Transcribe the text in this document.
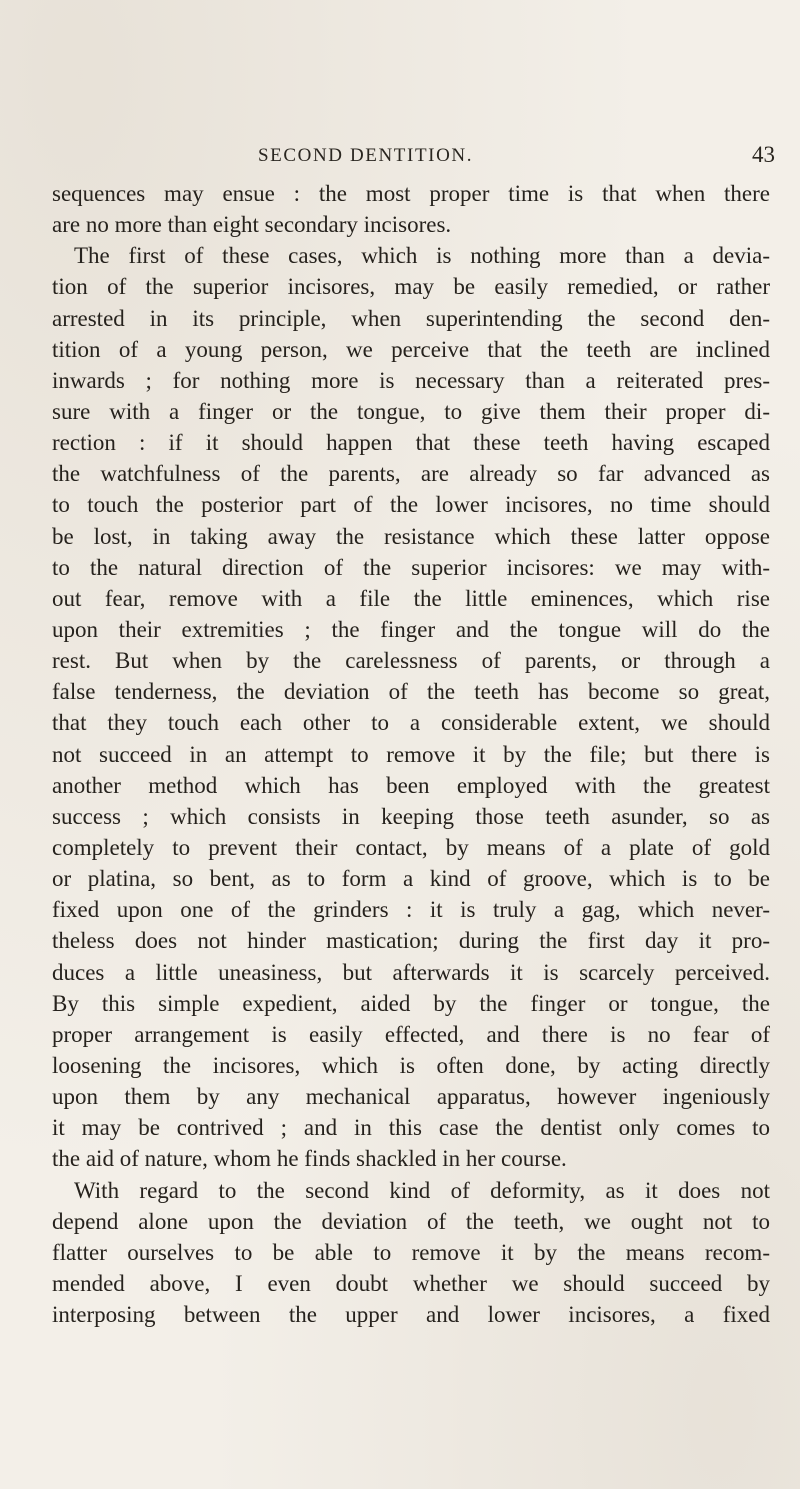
SECOND DENTITION.	43
sequences may ensue : the most proper time is that when there
are no more than eight secondary incisores.
The first of these cases, which is nothing more than a devia-
tion of the superior incisores, may be easily remedied, or rather
arrested in its principle, when superintending the second den-
tition of a young person, we perceive that the teeth are inclined
inwards ; for nothing more is necessary than a reiterated pres-
sure with a finger or the tongue, to give them their proper di-
rection : if it should happen that these teeth having escaped
the watchfulness of the parents, are already so far advanced as
to touch the posterior part of the lower incisores, no time should
be lost, in taking away the resistance which these latter oppose
to the natural direction of the superior incisores: we may with-
out fear, remove with a file the little eminences, which rise
upon their extremities ; the finger and the tongue will do the
rest. But when by the carelessness of parents, or through a
false tenderness, the deviation of the teeth has become so great,
that they touch each other to a considerable extent, we should
not succeed in an attempt to remove it by the file; but there is
another method which has been employed with the greatest
success ; which consists in keeping those teeth asunder, so as
completely to prevent their contact, by means of a plate of gold
or platina, so bent, as to form a kind of groove, which is to be
fixed upon one of the grinders : it is truly a gag, which never-
theless does not hinder mastication; during the first day it pro-
duces a little uneasiness, but afterwards it is scarcely perceived.
By this simple expedient, aided by the finger or tongue, the
proper arrangement is easily effected, and there is no fear of
loosening the incisores, which is often done, by acting directly
upon them by any mechanical apparatus, however ingeniously
it may be contrived ; and in this case the dentist only comes to
the aid of nature, whom he finds shackled in her course.
With regard to the second kind of deformity, as it does not
depend alone upon the deviation of the teeth, we ought not to
flatter ourselves to be able to remove it by the means recom-
mended above, I even doubt whether we should succeed by
interposing between the upper and lower incisores, a fixed
